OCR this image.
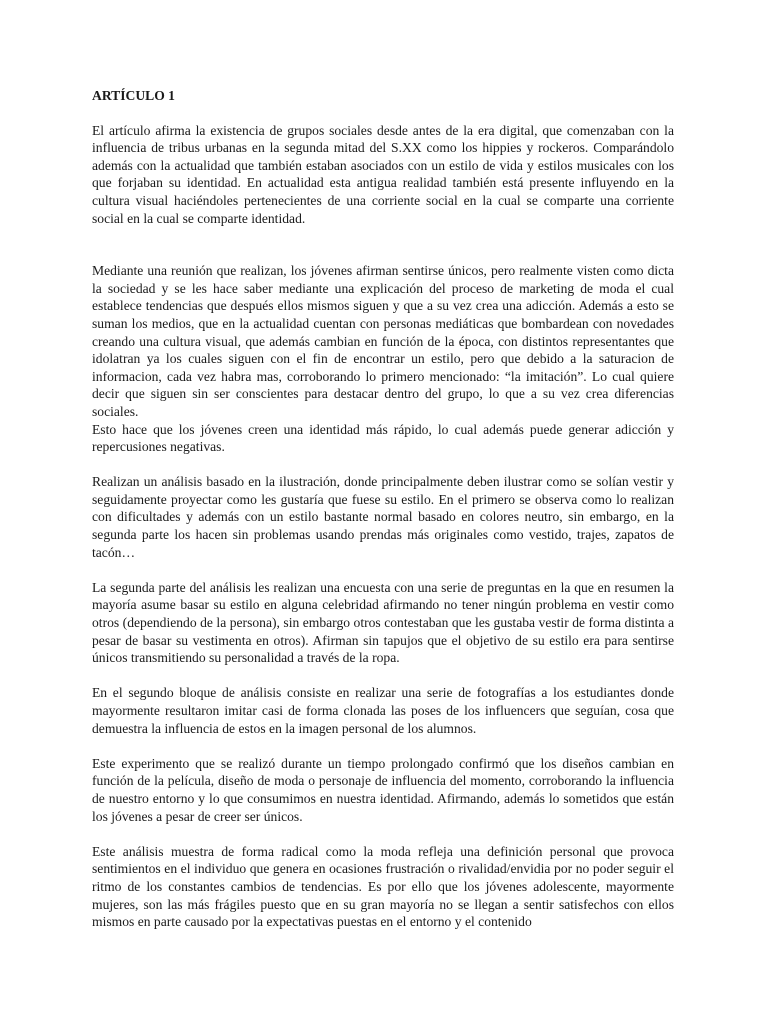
ARTÍCULO 1

El artículo afirma la existencia de grupos sociales desde antes de la era digital, que comenzaban con la influencia de tribus urbanas en la segunda mitad del S.XX como los hippies y rockeros. Comparándolo además con la actualidad que también estaban asociados con un estilo de vida y estilos musicales con los que forjaban su identidad. En actualidad esta antigua realidad también está presente influyendo en la cultura visual haciéndoles pertenecientes de una corriente social en la cual se comparte una corriente social en la cual se comparte identidad.

Mediante una reunión que realizan, los jóvenes afirman sentirse únicos, pero realmente visten como dicta la sociedad y se les hace saber mediante una explicación del proceso de marketing de moda el cual establece tendencias que después ellos mismos siguen y que a su vez crea una adicción. Además a esto se suman los medios, que en la actualidad cuentan con personas mediáticas que bombardean con novedades creando una cultura visual, que además cambian en función de la época, con distintos representantes que idolatran ya los cuales siguen con el fin de encontrar un estilo, pero que debido a la saturacion de informacion, cada vez habra mas, corroborando lo primero mencionado: “la imitación”. Lo cual quiere decir que siguen sin ser conscientes para destacar dentro del grupo, lo que a su vez crea diferencias sociales.

Esto hace que los jóvenes creen una identidad más rápido, lo cual además puede generar adicción y repercusiones negativas.

Realizan un análisis basado en la ilustración, donde principalmente deben ilustrar como se solían vestir y seguidamente proyectar como les gustaría que fuese su estilo. En el primero se observa como lo realizan con dificultades y además con un estilo bastante normal basado en colores neutro, sin embargo, en la segunda parte los hacen sin problemas usando prendas más originales como vestido, trajes, zapatos de tacón…

La segunda parte del análisis les realizan una encuesta con una serie de preguntas en la que en resumen la mayoría asume basar su estilo en alguna celebridad afirmando no tener ningún problema en vestir como otros (dependiendo de la persona), sin embargo otros contestaban que les gustaba vestir de forma distinta a pesar de basar su vestimenta en otros). Afirman sin tapujos que el objetivo de su estilo era para sentirse únicos transmitiendo su personalidad a través de la ropa.

En el segundo bloque de análisis consiste en realizar una serie de fotografías a los estudiantes donde mayormente resultaron imitar casi de forma clonada las poses de los influencers que seguían, cosa que demuestra la influencia de estos en la imagen personal de los alumnos.

Este experimento que se realizó durante un tiempo prolongado confirmó que los diseños cambian en función de la película, diseño de moda o personaje de influencia del momento, corroborando la influencia de nuestro entorno y lo que consumimos en nuestra identidad. Afirmando, además lo sometidos que están los jóvenes a pesar de creer ser únicos.

Este análisis muestra de forma radical como la moda refleja una definición personal que provoca sentimientos en el individuo que genera en ocasiones frustración o rivalidad/envidia por no poder seguir el ritmo de los constantes cambios de tendencias. Es por ello que los jóvenes adolescente, mayormente mujeres, son las más frágiles puesto que en su gran mayoría no se llegan a sentir satisfechos con ellos mismos en parte causado por la expectativas puestas en el entorno y el contenido
